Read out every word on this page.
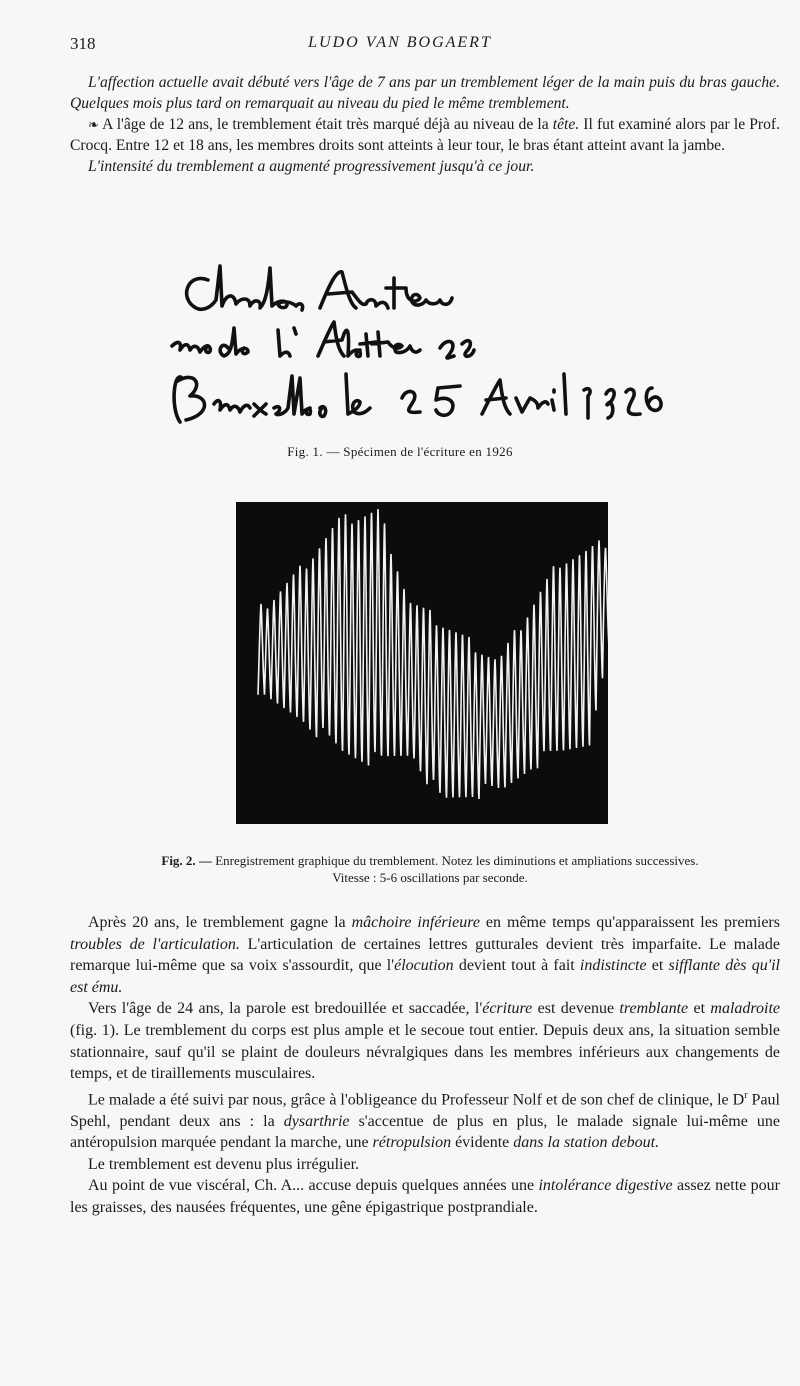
318	LUDO VAN BOGAERT

L'affection actuelle avait débuté vers l'âge de 7 ans par un tremblement léger de la main puis du bras gauche. Quelques mois plus tard on remarquait au niveau du pied le même tremblement.

❧ A l'âge de 12 ans, le tremblement était très marqué déjà au niveau de la tête. Il fut examiné alors par le Prof. Crocq. Entre 12 et 18 ans, les membres droits sont atteints à leur tour, le bras étant atteint avant la jambe.

L'intensité du tremblement a augmenté progressivement jusqu'à ce jour.

Fig. 1. — Spécimen de l'écriture en 1926
Fig. 2. — Enregistrement graphique du tremblement. Notez les diminutions et ampliations successives.
Vitesse : 5-6 oscillations par seconde.

Après 20 ans, le tremblement gagne la mâchoire inférieure en même temps qu'apparaissent les premiers troubles de l'articulation. L'articulation de certaines lettres gutturales devient très imparfaite. Le malade remarque lui-même que sa voix s'assourdit, que l'élocution devient tout à fait indistincte et sifflante dès qu'il est ému.

Vers l'âge de 24 ans, la parole est bredouillée et saccadée, l'écriture est devenue tremblante et maladroite (fig. 1). Le tremblement du corps est plus ample et le secoue tout entier. Depuis deux ans, la situation semble stationnaire, sauf qu'il se plaint de douleurs névralgiques dans les membres inférieurs aux changements de temps, et de tiraillements musculaires.

Le malade a été suivi par nous, grâce à l'obligeance du Professeur Nolf et de son chef de clinique, le $D^r$ Paul Spehl, pendant deux ans : la dysarthrie s'accentue de plus en plus, le malade signale lui-même une antéropulsion marquée pendant la marche, une rétropulsion évidente dans la station debout.

Le tremblement est devenu plus irrégulier.

Au point de vue viscéral, Ch. A... accuse depuis quelques années une intolérance digestive assez nette pour les graisses, des nausées fréquentes, une gêne épigastrique postprandiale.
